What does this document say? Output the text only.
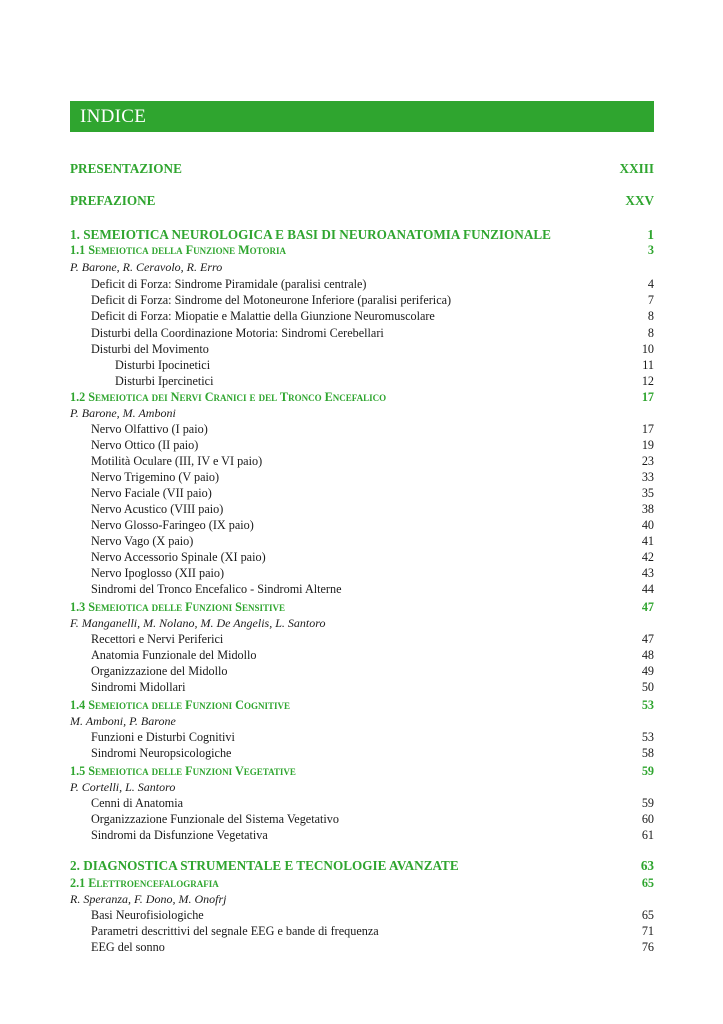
INDICE
PRESENTAZIONE	XXIII
PREFAZIONE	XXV
1. SEMEIOTICA NEUROLOGICA E BASI DI NEUROANATOMIA FUNZIONALE	1
1.1 Semeiotica della Funzione Motoria	3
P. Barone, R. Ceravolo, R. Erro
Deficit di Forza: Sindrome Piramidale (paralisi centrale)	4
Deficit di Forza: Sindrome del Motoneurone Inferiore (paralisi periferica)	7
Deficit di Forza: Miopatie e Malattie della Giunzione Neuromuscolare	8
Disturbi della Coordinazione Motoria: Sindromi Cerebellari	8
Disturbi del Movimento	10
Disturbi Ipocinetici	11
Disturbi Ipercinetici	12
1.2 Semeiotica dei Nervi Cranici e del Tronco Encefalico	17
P. Barone, M. Amboni
Nervo Olfattivo (I paio)	17
Nervo Ottico (II paio)	19
Motilità Oculare (III, IV e VI paio)	23
Nervo Trigemino (V paio)	33
Nervo Faciale (VII paio)	35
Nervo Acustico (VIII paio)	38
Nervo Glosso-Faringeo (IX paio)	40
Nervo Vago (X paio)	41
Nervo Accessorio Spinale (XI paio)	42
Nervo Ipoglosso (XII paio)	43
Sindromi del Tronco Encefalico - Sindromi Alterne	44
1.3 Semeiotica delle Funzioni Sensitive	47
F. Manganelli, M. Nolano, M. De Angelis, L. Santoro
Recettori e Nervi Periferici	47
Anatomia Funzionale del Midollo	48
Organizzazione del Midollo	49
Sindromi Midollari	50
1.4 Semeiotica delle Funzioni Cognitive	53
M. Amboni, P. Barone
Funzioni e Disturbi Cognitivi	53
Sindromi Neuropsicologiche	58
1.5 Semeiotica delle Funzioni Vegetative	59
P. Cortelli, L. Santoro
Cenni di Anatomia	59
Organizzazione Funzionale del Sistema Vegetativo	60
Sindromi da Disfunzione Vegetativa	61
2. DIAGNOSTICA STRUMENTALE E TECNOLOGIE AVANZATE	63
2.1 Elettroencefalografia	65
R. Speranza, F. Dono, M. Onofrj
Basi Neurofisiologiche	65
Parametri descrittivi del segnale EEG e bande di frequenza	71
EEG del sonno	76
